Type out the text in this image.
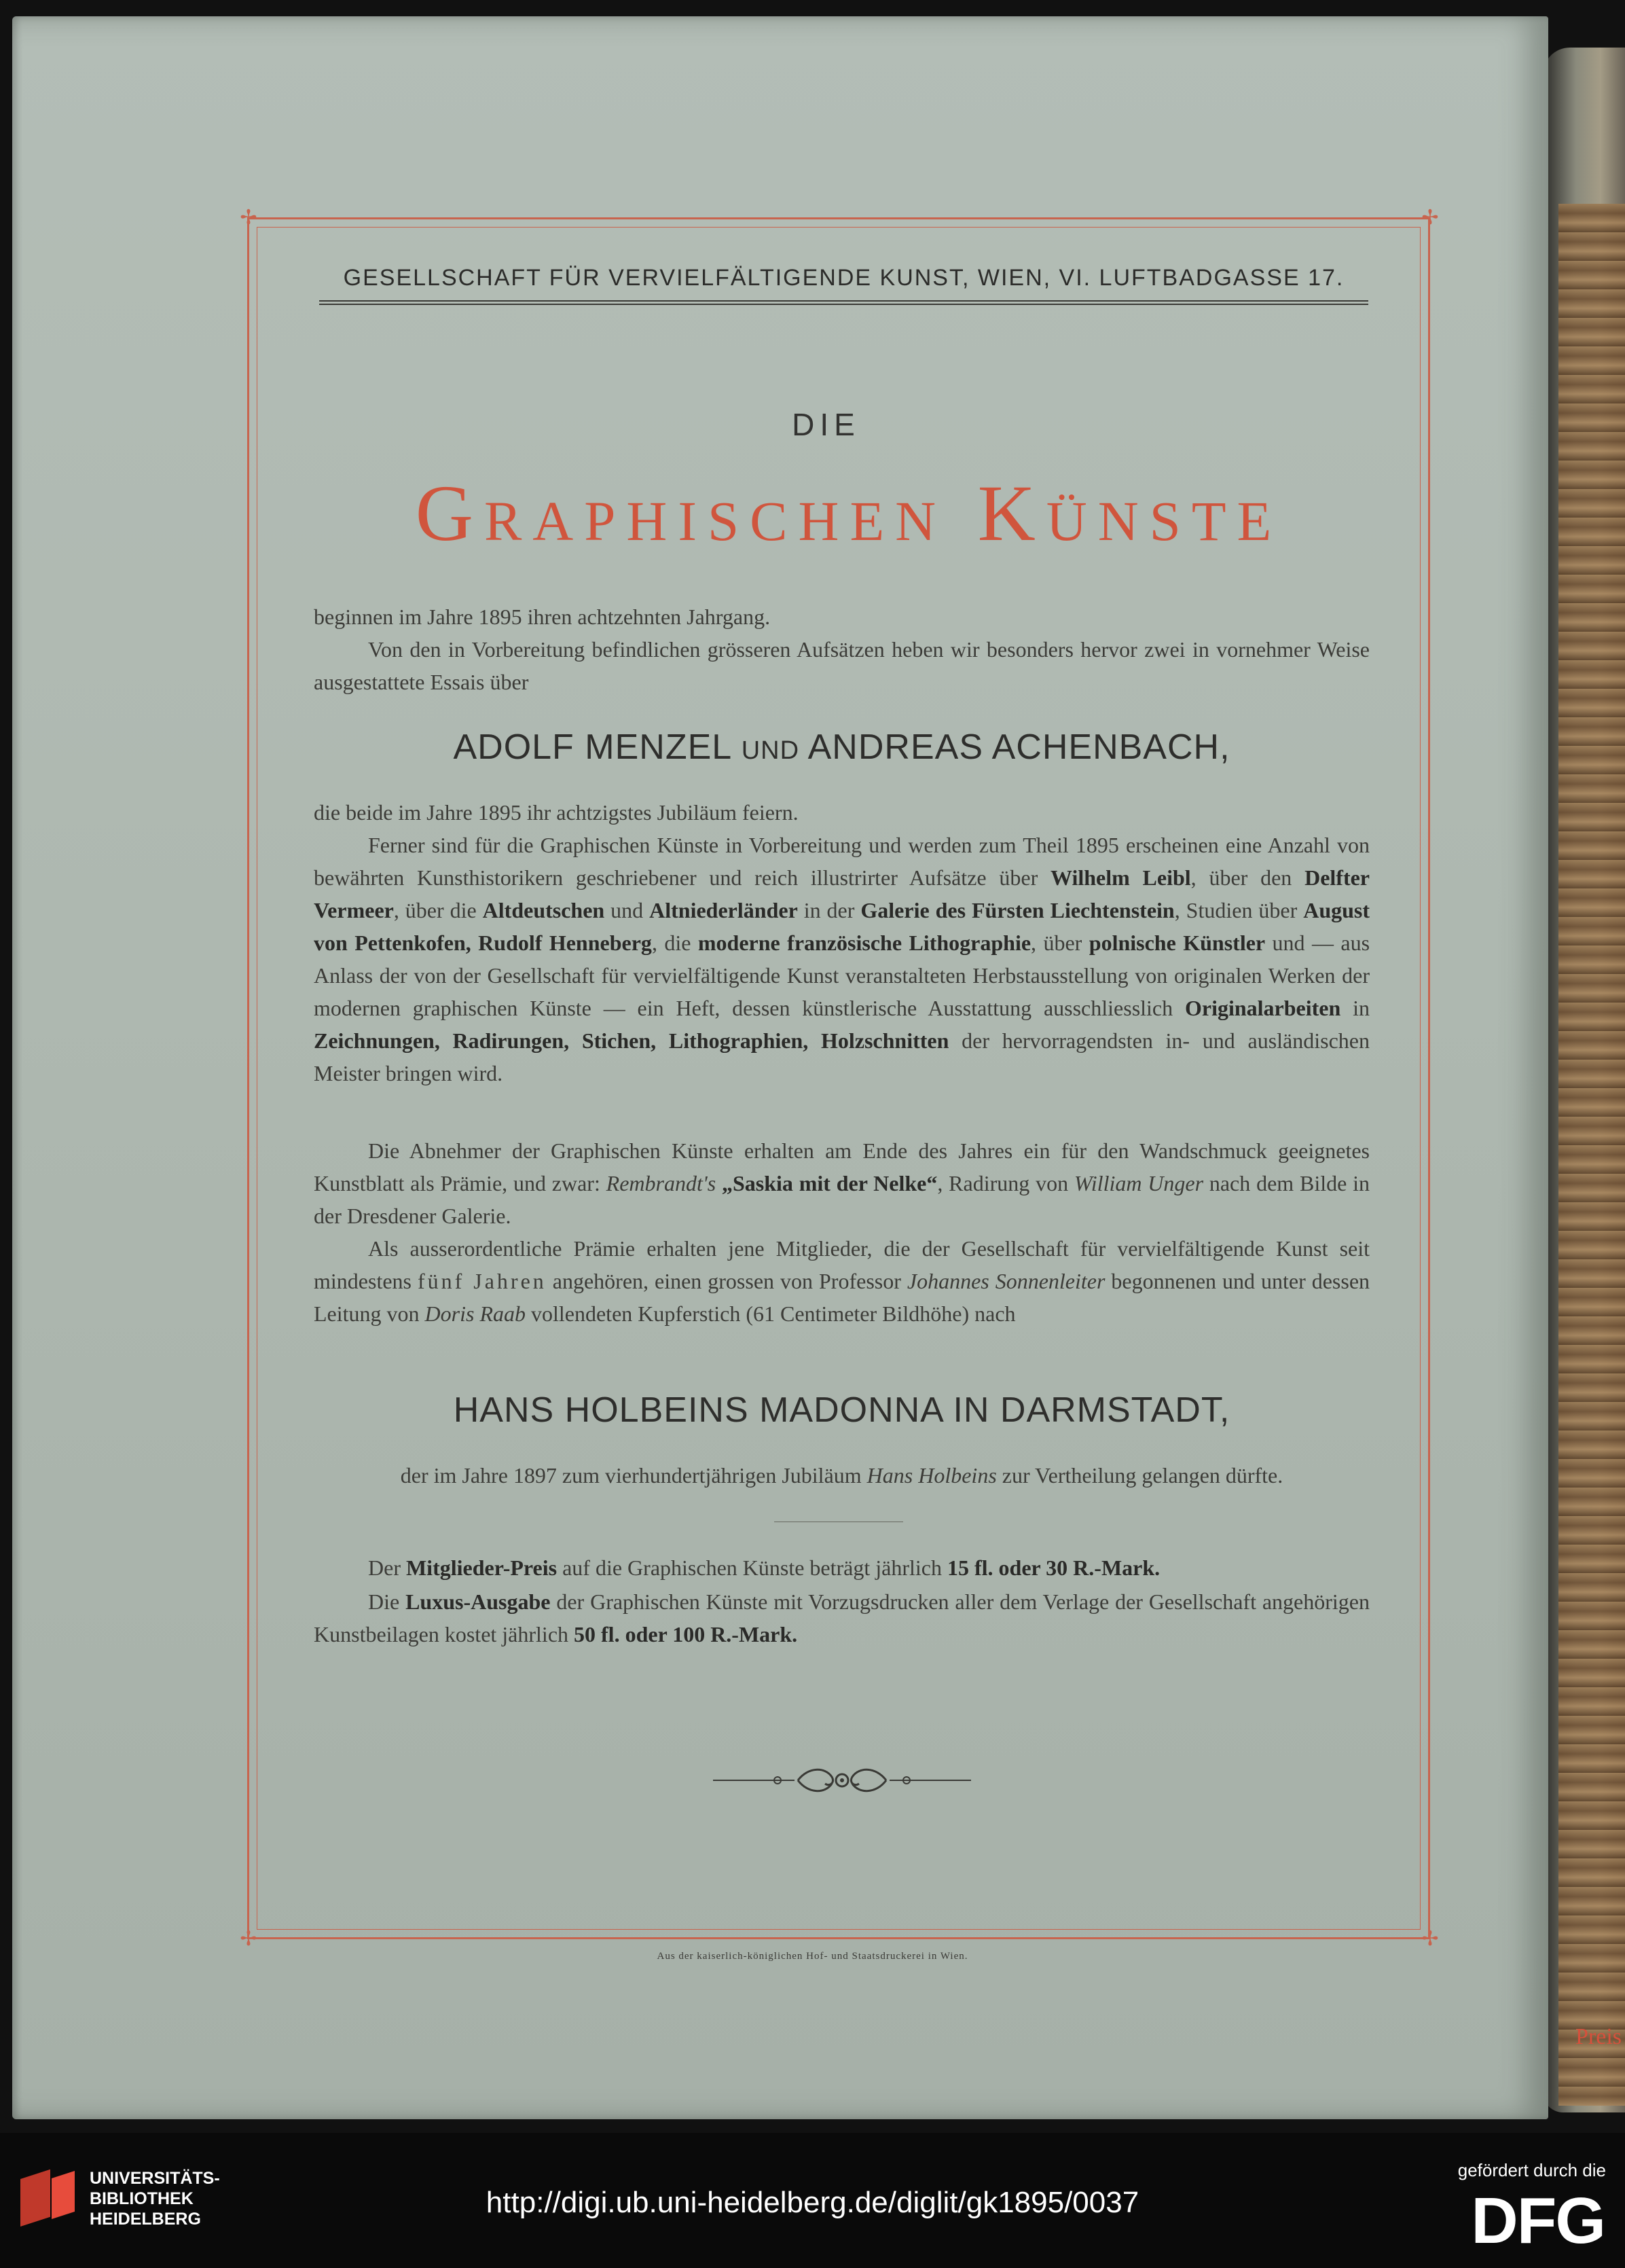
Preis
✢	✢
✢	✢
GESELLSCHAFT FÜR VERVIELFÄLTIGENDE KUNST, WIEN, VI. LUFTBADGASSE 17.
DIE
Graphischen Künste
beginnen im Jahre 1895 ihren achtzehnten Jahrgang.
Von den in Vorbereitung befindlichen grösseren Aufsätzen heben wir besonders hervor zwei in vornehmer Weise ausgestattete Essais über
ADOLF MENZEL UND ANDREAS ACHENBACH,
die beide im Jahre 1895 ihr achtzigstes Jubiläum feiern.
Ferner sind für die Graphischen Künste in Vorbereitung und werden zum Theil 1895 erscheinen eine Anzahl von bewährten Kunsthistorikern geschriebener und reich illustrirter Aufsätze über Wilhelm Leibl, über den Delfter Vermeer, über die Altdeutschen und Altniederländer in der Galerie des Fürsten Liechtenstein, Studien über August von Pettenkofen, Rudolf Henneberg, die moderne französische Lithographie, über polnische Künstler und — aus Anlass der von der Gesellschaft für vervielfältigende Kunst veranstalteten Herbstausstellung von originalen Werken der modernen graphischen Künste — ein Heft, dessen künstlerische Ausstattung ausschliesslich Originalarbeiten in Zeichnungen, Radirungen, Stichen, Lithographien, Holzschnitten der hervorragendsten in- und ausländischen Meister bringen wird.
Die Abnehmer der Graphischen Künste erhalten am Ende des Jahres ein für den Wandschmuck geeignetes Kunstblatt als Prämie, und zwar: Rembrandt's „Saskia mit der Nelke“, Radirung von William Unger nach dem Bilde in der Dresdener Galerie.
Als ausserordentliche Prämie erhalten jene Mitglieder, die der Gesellschaft für vervielfältigende Kunst seit mindestens fünf Jahren angehören, einen grossen von Professor Johannes Sonnenleiter begonnenen und unter dessen Leitung von Doris Raab vollendeten Kupferstich (61 Centimeter Bildhöhe) nach
HANS HOLBEINS MADONNA IN DARMSTADT,
der im Jahre 1897 zum vierhundertjährigen Jubiläum Hans Holbeins zur Vertheilung gelangen dürfte.
Der Mitglieder-Preis auf die Graphischen Künste beträgt jährlich 15 fl. oder 30 R.-Mark.
Die Luxus-Ausgabe der Graphischen Künste mit Vorzugsdrucken aller dem Verlage der Gesellschaft angehörigen Kunstbeilagen kostet jährlich 50 fl. oder 100 R.-Mark.
Aus der kaiserlich-königlichen Hof- und Staatsdruckerei in Wien.
UNIVERSITÄTS-
BIBLIOTHEK
HEIDELBERG	http://digi.ub.uni-heidelberg.de/diglit/gk1895/0037
gefördert durch die
DFG
